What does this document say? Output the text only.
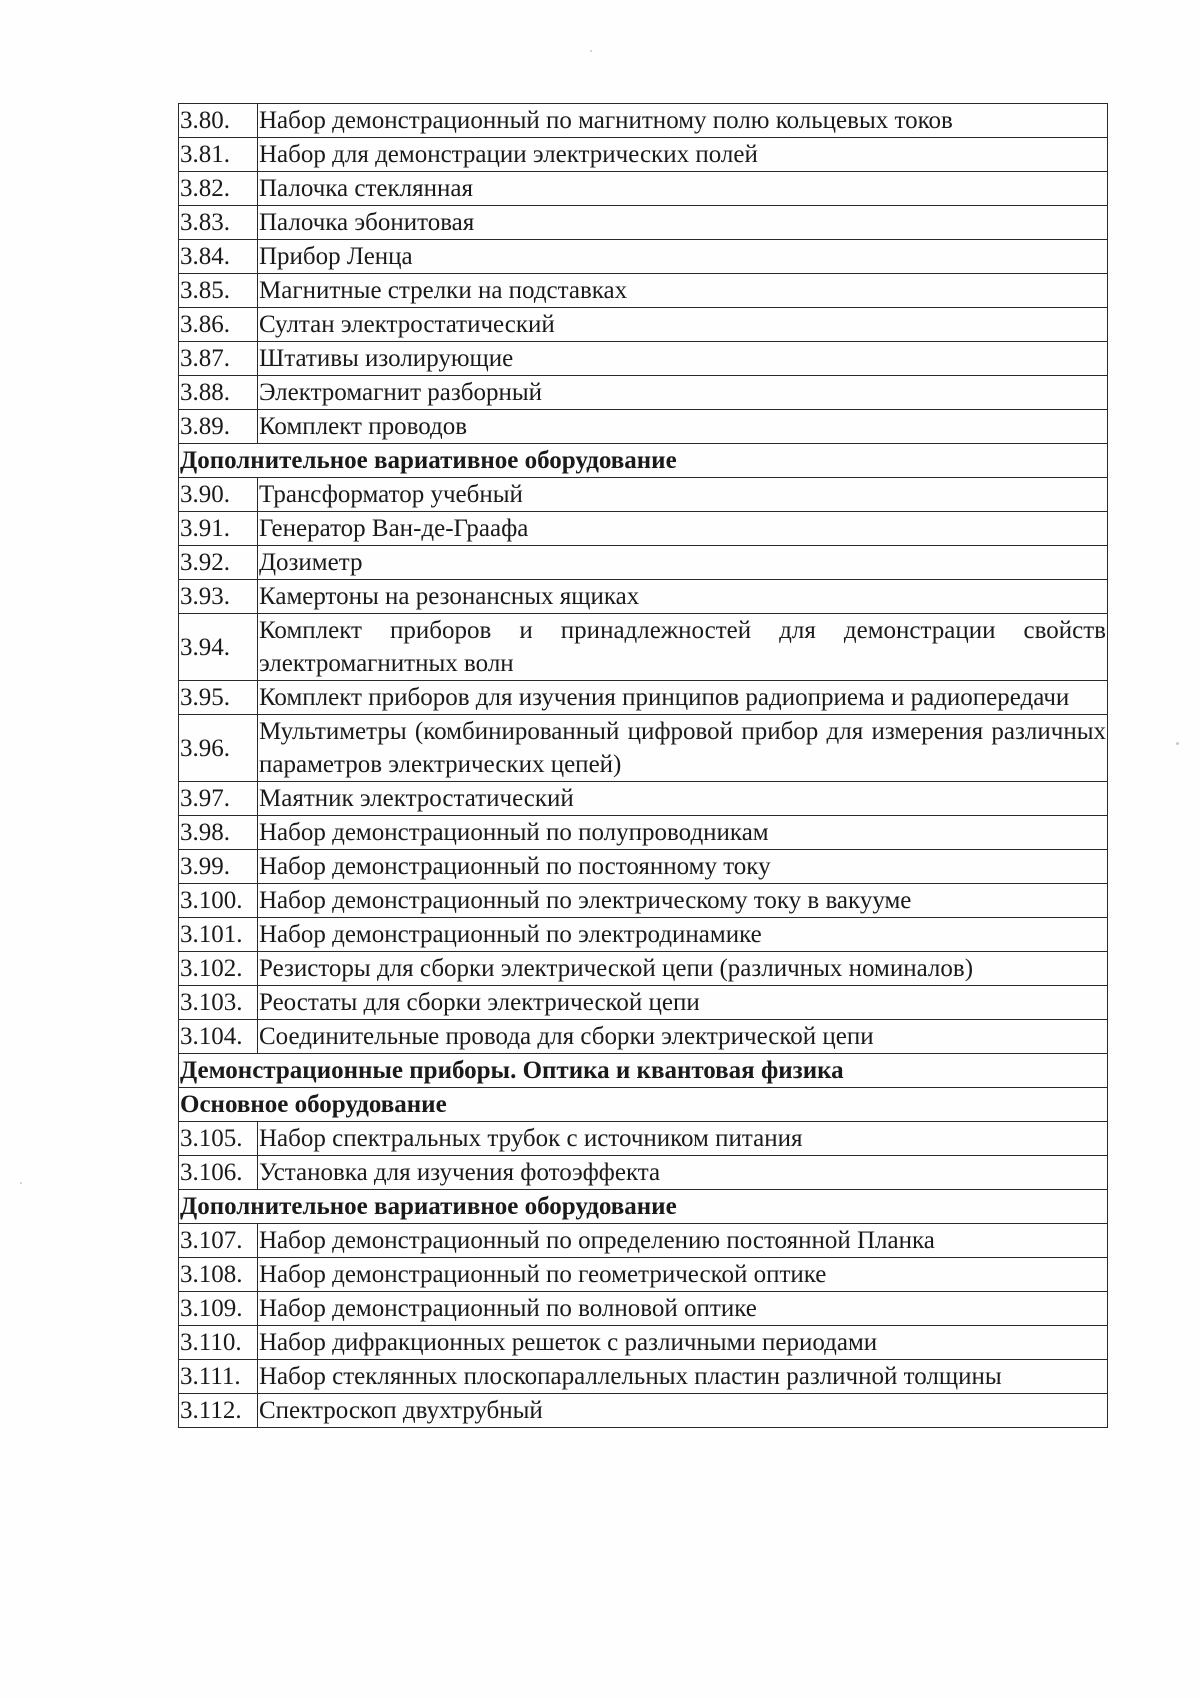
3.80.	Набор демонстрационный по магнитному полю кольцевых токов
3.81.	Набор для демонстрации электрических полей
3.82.	Палочка стеклянная
3.83.	Палочка эбонитовая
3.84.	Прибор Ленца
3.85.	Магнитные стрелки на подставках
3.86.	Султан электростатический
3.87.	Штативы изолирующие
3.88.	Электромагнит разборный
3.89.	Комплект проводов
Дополнительное вариативное оборудование	
3.90.	Трансформатор учебный
3.91.	Генератор Ван-де-Граафа
3.92.	Дозиметр
3.93.	Камертоны на резонансных ящиках
3.94.	Комплект приборов и принадлежностей для демонстрации свойств электромагнитных волн
3.95.	Комплект приборов для изучения принципов радиоприема и радиопередачи
3.96.	Мультиметры (комбинированный цифровой прибор для измерения различных параметров электрических цепей)
3.97.	Маятник электростатический
3.98.	Набор демонстрационный по полупроводникам
3.99.	Набор демонстрационный по постоянному току
3.100.	Набор демонстрационный по электрическому току в вакууме
3.101.	Набор демонстрационный по электродинамике
3.102.	Резисторы для сборки электрической цепи (различных номиналов)
3.103.	Реостаты для сборки электрической цепи
3.104.	Соединительные провода для сборки электрической цепи
Демонстрационные приборы. Оптика и квантовая физика	
Основное оборудование	
3.105.	Набор спектральных трубок с источником питания
3.106.	Установка для изучения фотоэффекта
Дополнительное вариативное оборудование	
3.107.	Набор демонстрационный по определению постоянной Планка
3.108.	Набор демонстрационный по геометрической оптике
3.109.	Набор демонстрационный по волновой оптике
3.110.	Набор дифракционных решеток с различными периодами
3.111.	Набор стеклянных плоскопараллельных пластин различной толщины
3.112.	Спектроскоп двухтрубный
